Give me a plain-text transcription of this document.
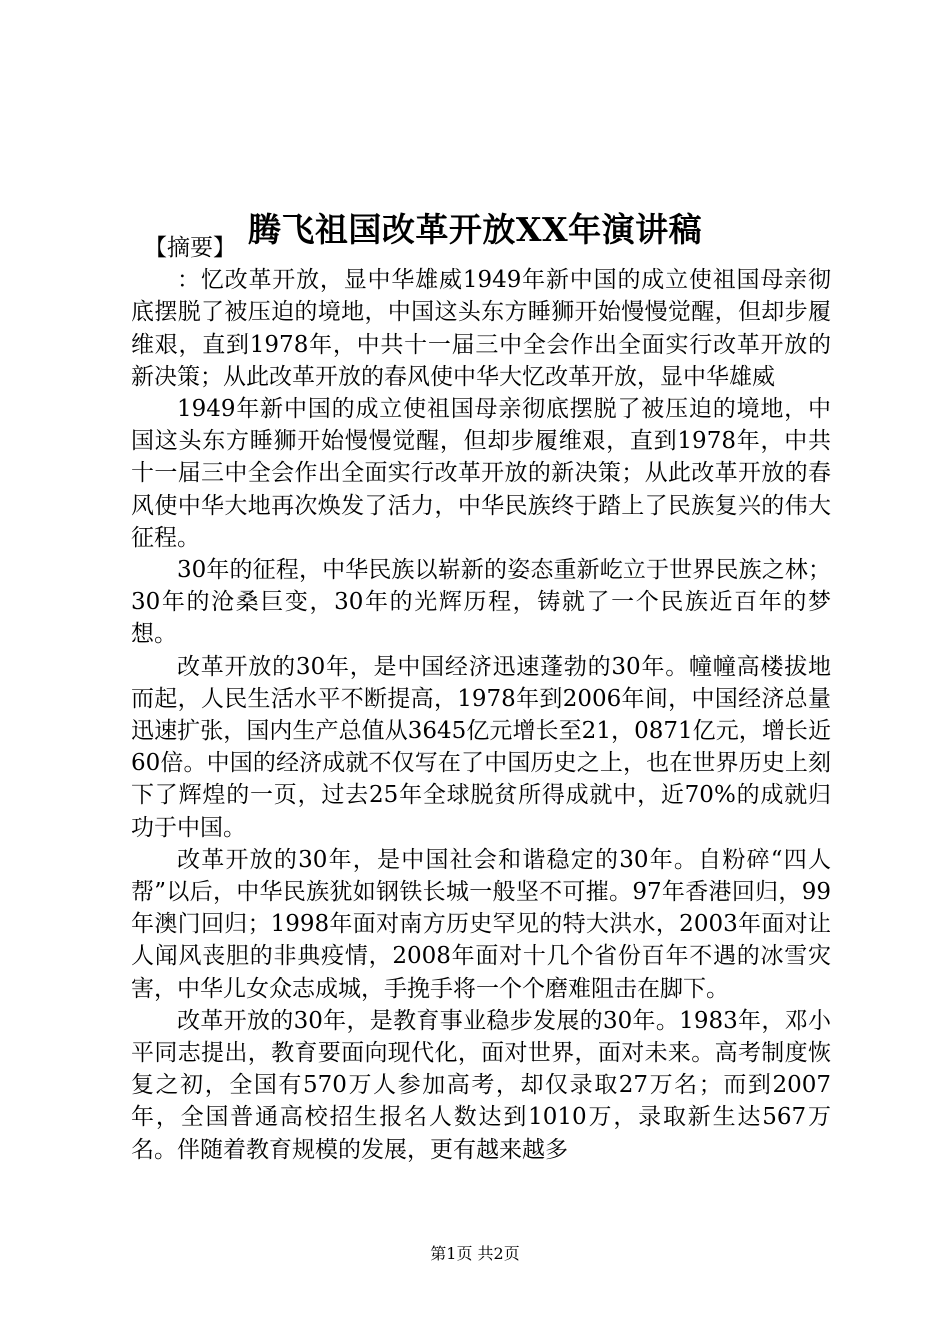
腾飞祖国改革开放XX年演讲稿

【摘要】

：忆改革开放，显中华雄威1949年新中国的成立使祖国母亲彻底摆脱了被压迫的境地，中国这头东方睡狮开始慢慢觉醒，但却步履维艰，直到1978年，中共十一届三中全会作出全面实行改革开放的新决策；从此改革开放的春风使中华大忆改革开放，显中华雄威

1949年新中国的成立使祖国母亲彻底摆脱了被压迫的境地，中国这头东方睡狮开始慢慢觉醒，但却步履维艰，直到1978年，中共十一届三中全会作出全面实行改革开放的新决策；从此改革开放的春风使中华大地再次焕发了活力，中华民族终于踏上了民族复兴的伟大征程。

30年的征程，中华民族以崭新的姿态重新屹立于世界民族之林；30年的沧桑巨变，30年的光辉历程，铸就了一个民族近百年的梦想。

改革开放的30年，是中国经济迅速蓬勃的30年。幢幢高楼拔地而起，人民生活水平不断提高，1978年到2006年间，中国经济总量迅速扩张，国内生产总值从3645亿元增长至21，0871亿元，增长近60倍。中国的经济成就不仅写在了中国历史之上，也在世界历史上刻下了辉煌的一页，过去25年全球脱贫所得成就中，近70%的成就归功于中国。

改革开放的30年，是中国社会和谐稳定的30年。自粉碎“四人帮”以后，中华民族犹如钢铁长城一般坚不可摧。97年香港回归，99年澳门回归；1998年面对南方历史罕见的特大洪水，2003年面对让人闻风丧胆的非典疫情，2008年面对十几个省份百年不遇的冰雪灾害，中华儿女众志成城，手挽手将一个个磨难阻击在脚下。

改革开放的30年，是教育事业稳步发展的30年。1983年，邓小平同志提出，教育要面向现代化，面对世界，面对未来。高考制度恢复之初，全国有570万人参加高考，却仅录取27万名；而到2007年，全国普通高校招生报名人数达到1010万，录取新生达567万名。伴随着教育规模的发展，更有越来越多

第1页 共2页
